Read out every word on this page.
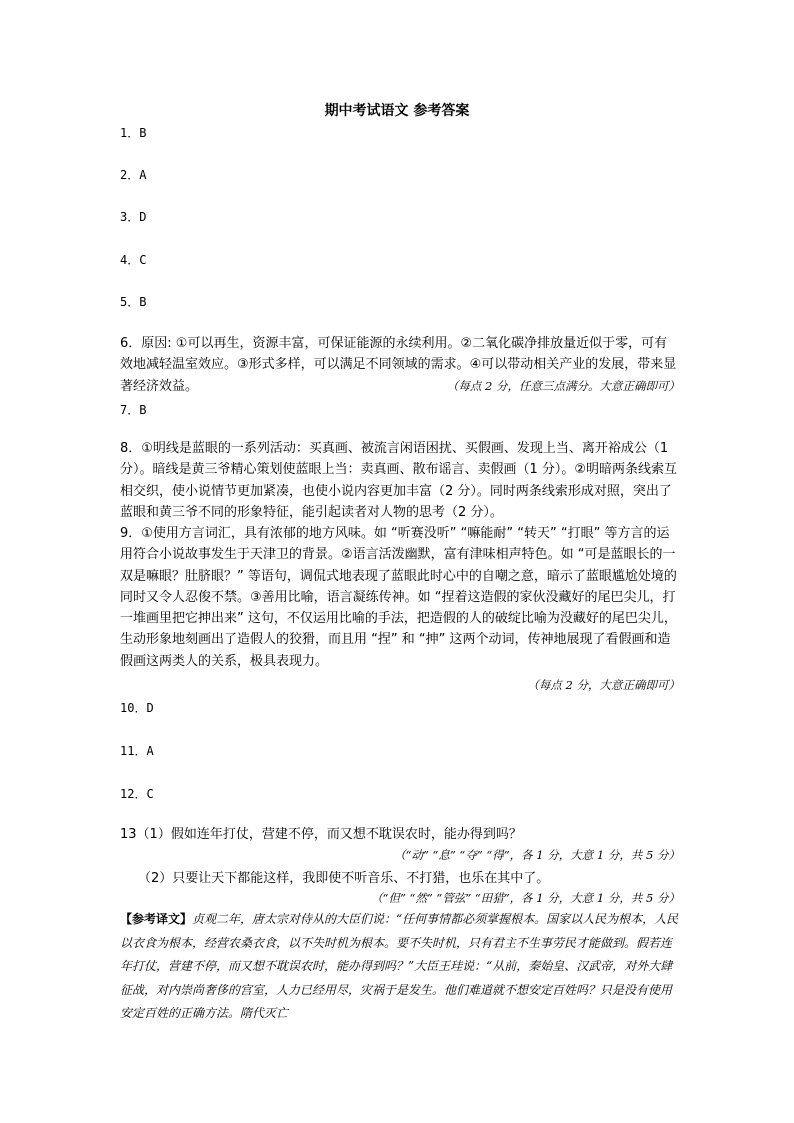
期中考试语文 参考答案
1．B
2．A
3．D
4．C
5．B
6．原因: ①可以再生，资源丰富，可保证能源的永续利用。②二氧化碳净排放量近似于零，可有效地减轻温室效应。③形式多样，可以满足不同领域的需求。④可以带动相关产业的发展，带来显著经济效益。	（每点 2 分，任意三点满分。大意正确即可）
7．B
8．①明线是蓝眼的一系列活动：买真画、被流言闲语困扰、买假画、发现上当、离开裕成公（1 分）。暗线是黄三爷精心策划使蓝眼上当：卖真画、散布谣言、卖假画（1 分）。②明暗两条线索互相交织，使小说情节更加紧凑，也使小说内容更加丰富（2 分）。同时两条线索形成对照，突出了蓝眼和黄三爷不同的形象特征，能引起读者对人物的思考（2 分）。
9．①使用方言词汇，具有浓郁的地方风味。如 “听赛没听” “嘛能耐” “转天” “打眼” 等方言的运用符合小说故事发生于天津卫的背景。②语言活泼幽默，富有津味相声特色。如 “可是蓝眼长的一双是嘛眼？肚脐眼？” 等语句，调侃式地表现了蓝眼此时心中的自嘲之意，暗示了蓝眼尴尬处境的同时又令人忍俊不禁。③善用比喻，语言凝练传神。如 “捏着这造假的家伙没藏好的尾巴尖儿，打一堆画里把它抻出来” 这句，不仅运用比喻的手法，把造假的人的破绽比喻为没藏好的尾巴尖儿，生动形象地刻画出了造假人的狡猾，而且用 “捏” 和 “抻” 这两个动词，传神地展现了看假画和造假画这两类人的关系，极具表现力。
（每点 2 分，大意正确即可）
10．D
11．A
12．C
13（1）假如连年打仗，营建不停，而又想不耽误农时，能办得到吗？
（“动” “息” “夺” “得”，各 1 分，大意 1 分，共 5 分）
（2）只要让天下都能这样，我即使不听音乐、不打猎，也乐在其中了。
（“但” “然” “管弦” “田猎”，各 1 分，大意 1 分，共 5 分）
【参考译文】贞观二年，唐太宗对侍从的大臣们说：“任何事情都必须掌握根本。国家以人民为根本，人民以衣食为根本，经营农桑衣食，以不失时机为根本。要不失时机，只有君主不生事劳民才能做到。假若连年打仗，营建不停，而又想不耽误农时，能办得到吗？”大臣王珪说：“从前，秦始皇、汉武帝，对外大肆征战，对内崇尚奢侈的宫室，人力已经用尽，灾祸于是发生。他们难道就不想安定百姓吗？只是没有使用安定百姓的正确方法。隋代灭亡
